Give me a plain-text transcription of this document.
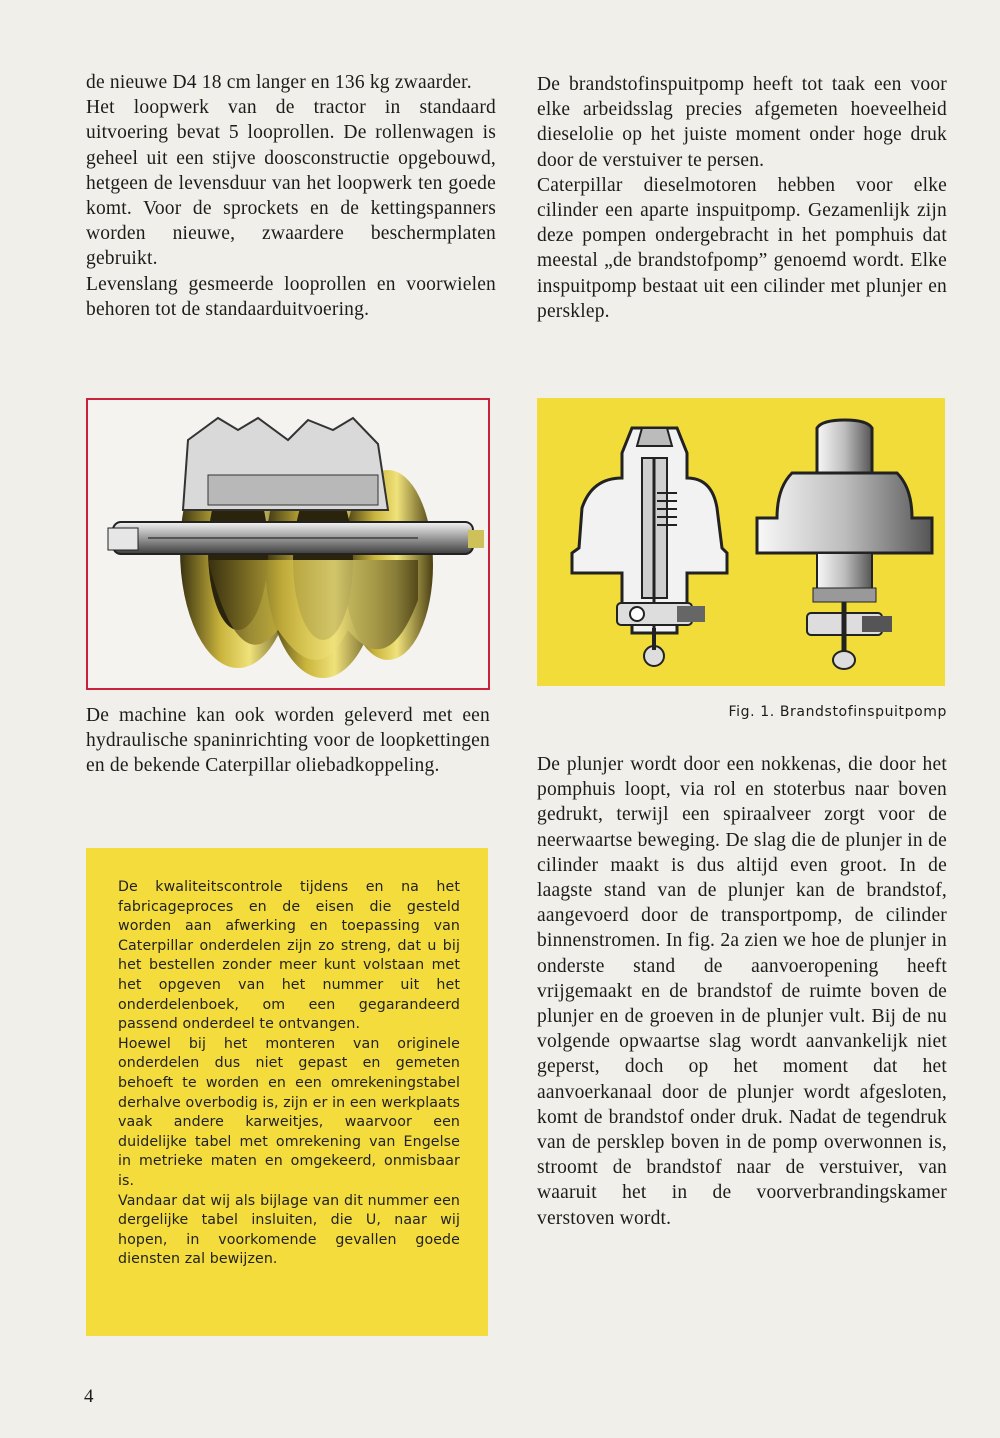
de nieuwe D4 18 cm langer en 136 kg zwaarder.

Het loopwerk van de tractor in standaard uitvoering bevat 5 looprollen. De rollenwagen is geheel uit een stijve doosconstructie opgebouwd, hetgeen de levensduur van het loopwerk ten goede komt. Voor de sprockets en de kettingspanners worden nieuwe, zwaardere beschermplaten gebruikt.

Levenslang gesmeerde looprollen en voorwielen behoren tot de standaarduitvoering.

De brandstofinspuitpomp heeft tot taak een voor elke arbeidsslag precies afgemeten hoeveelheid dieselolie op het juiste moment onder hoge druk door de verstuiver te persen.

Caterpillar dieselmotoren hebben voor elke cilinder een aparte inspuitpomp. Gezamenlijk zijn deze pompen ondergebracht in het pomphuis dat meestal „de brandstofpomp” genoemd wordt. Elke inspuitpomp bestaat uit een cilinder met plunjer en persklep.

Fig. 1. Brandstofinspuitpomp

De machine kan ook worden geleverd met een hydraulische spaninrichting voor de loopkettingen en de bekende Caterpillar oliebadkoppeling.

De kwaliteitscontrole tijdens en na het fabricageproces en de eisen die gesteld worden aan afwerking en toepassing van Caterpillar onderdelen zijn zo streng, dat u bij het bestellen zonder meer kunt volstaan met het opgeven van het nummer uit het onderdelenboek, om een gegarandeerd passend onderdeel te ontvangen.

Hoewel bij het monteren van originele onderdelen dus niet gepast en gemeten behoeft te worden en een omrekeningstabel derhalve overbodig is, zijn er in een werkplaats vaak andere karweitjes, waarvoor een duidelijke tabel met omrekening van Engelse in metrieke maten en omgekeerd, onmisbaar is.

Vandaar dat wij als bijlage van dit nummer een dergelijke tabel insluiten, die U, naar wij hopen, in voorkomende gevallen goede diensten zal bewijzen.

De plunjer wordt door een nokkenas, die door het pomphuis loopt, via rol en stoterbus naar boven gedrukt, terwijl een spiraalveer zorgt voor de neerwaartse beweging. De slag die de plunjer in de cilinder maakt is dus altijd even groot. In de laagste stand van de plunjer kan de brandstof, aangevoerd door de transportpomp, de cilinder binnenstromen. In fig. 2a zien we hoe de plunjer in onderste stand de aanvoeropening heeft vrijgemaakt en de brandstof de ruimte boven de plunjer en de groeven in de plunjer vult. Bij de nu volgende opwaartse slag wordt aanvankelijk niet geperst, doch op het moment dat het aanvoerkanaal door de plunjer wordt afgesloten, komt de brandstof onder druk. Nadat de tegendruk van de persklep boven in de pomp overwonnen is, stroomt de brandstof naar de verstuiver, van waaruit het in de voorverbrandingskamer verstoven wordt.

4
